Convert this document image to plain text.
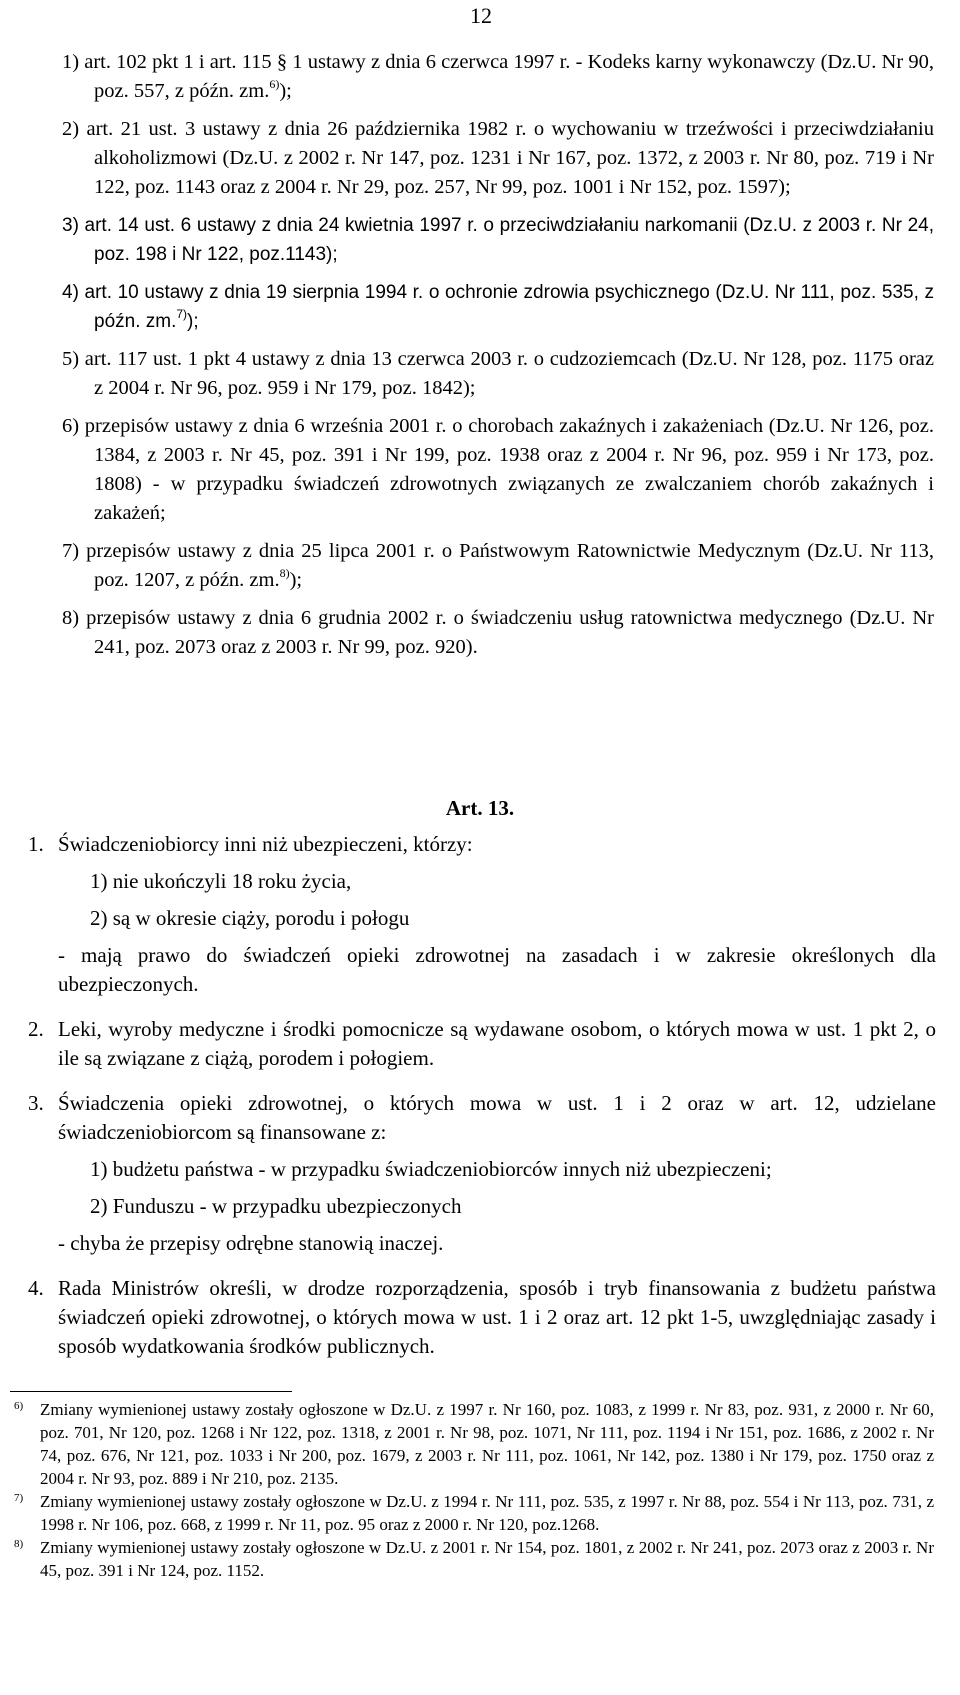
12
1) art. 102 pkt 1 i art. 115 § 1 ustawy z dnia 6 czerwca 1997 r. - Kodeks karny wykonawczy (Dz.U. Nr 90, poz. 557, z późn. zm.$^{6)}$);
2) art. 21 ust. 3 ustawy z dnia 26 października 1982 r. o wychowaniu w trzeźwości i przeciwdziałaniu alkoholizmowi (Dz.U. z 2002 r. Nr 147, poz. 1231 i Nr 167, poz. 1372, z 2003 r. Nr 80, poz. 719 i Nr 122, poz. 1143 oraz z 2004 r. Nr 29, poz. 257, Nr 99, poz. 1001 i Nr 152, poz. 1597);
3) art. 14 ust. 6 ustawy z dnia 24 kwietnia 1997 r. o przeciwdziałaniu narkomanii (Dz.U. z 2003 r. Nr 24, poz. 198 i Nr 122, poz.1143);
4) art. 10 ustawy z dnia 19 sierpnia 1994 r. o ochronie zdrowia psychicznego (Dz.U. Nr 111, poz. 535, z późn. zm.$^{7)}$);
5) art. 117 ust. 1 pkt 4 ustawy z dnia 13 czerwca 2003 r. o cudzoziemcach (Dz.U. Nr 128, poz. 1175 oraz z 2004 r. Nr 96, poz. 959 i Nr 179, poz. 1842);
6) przepisów ustawy z dnia 6 września 2001 r. o chorobach zakaźnych i zakażeniach (Dz.U. Nr 126, poz. 1384, z 2003 r. Nr 45, poz. 391 i Nr 199, poz. 1938 oraz z 2004 r. Nr 96, poz. 959 i Nr 173, poz. 1808) - w przypadku świadczeń zdrowotnych związanych ze zwalczaniem chorób zakaźnych i zakażeń;
7) przepisów ustawy z dnia 25 lipca 2001 r. o Państwowym Ratownictwie Medycznym (Dz.U. Nr 113, poz. 1207, z późn. zm.$^{8)}$);
8) przepisów ustawy z dnia 6 grudnia 2002 r. o świadczeniu usług ratownictwa medycznego (Dz.U. Nr 241, poz. 2073 oraz z 2003 r. Nr 99, poz. 920).
Art. 13.
1. Świadczeniobiorcy inni niż ubezpieczeni, którzy:

1) nie ukończyli 18 roku życia,

2) są w okresie ciąży, porodu i połogu

- mają prawo do świadczeń opieki zdrowotnej na zasadach i w zakresie określonych dla ubezpieczonych.

2. Leki, wyroby medyczne i środki pomocnicze są wydawane osobom, o których mowa w ust. 1 pkt 2, o ile są związane z ciążą, porodem i połogiem.

3. Świadczenia opieki zdrowotnej, o których mowa w ust. 1 i 2 oraz w art. 12, udzielane świadczeniobiorcom są finansowane z:

1) budżetu państwa - w przypadku świadczeniobiorców innych niż ubezpieczeni;

2) Funduszu - w przypadku ubezpieczonych

- chyba że przepisy odrębne stanowią inaczej.

4. Rada Ministrów określi, w drodze rozporządzenia, sposób i tryb finansowania z budżetu państwa świadczeń opieki zdrowotnej, o których mowa w ust. 1 i 2 oraz art. 12 pkt 1-5, uwzględniając zasady i sposób wydatkowania środków publicznych.

6) Zmiany wymienionej ustawy zostały ogłoszone w Dz.U. z 1997 r. Nr 160, poz. 1083, z 1999 r. Nr 83, poz. 931, z 2000 r. Nr 60, poz. 701, Nr 120, poz. 1268 i Nr 122, poz. 1318, z 2001 r. Nr 98, poz. 1071, Nr 111, poz. 1194 i Nr 151, poz. 1686, z 2002 r. Nr 74, poz. 676, Nr 121, poz. 1033 i Nr 200, poz. 1679, z 2003 r. Nr 111, poz. 1061, Nr 142, poz. 1380 i Nr 179, poz. 1750 oraz z 2004 r. Nr 93, poz. 889 i Nr 210, poz. 2135.
7) Zmiany wymienionej ustawy zostały ogłoszone w Dz.U. z 1994 r. Nr 111, poz. 535, z 1997 r. Nr 88, poz. 554 i Nr 113, poz. 731, z 1998 r. Nr 106, poz. 668, z 1999 r. Nr 11, poz. 95 oraz z 2000 r. Nr 120, poz.1268.
8) Zmiany wymienionej ustawy zostały ogłoszone w Dz.U. z 2001 r. Nr 154, poz. 1801, z 2002 r. Nr 241, poz. 2073 oraz z 2003 r. Nr 45, poz. 391 i Nr 124, poz. 1152.
